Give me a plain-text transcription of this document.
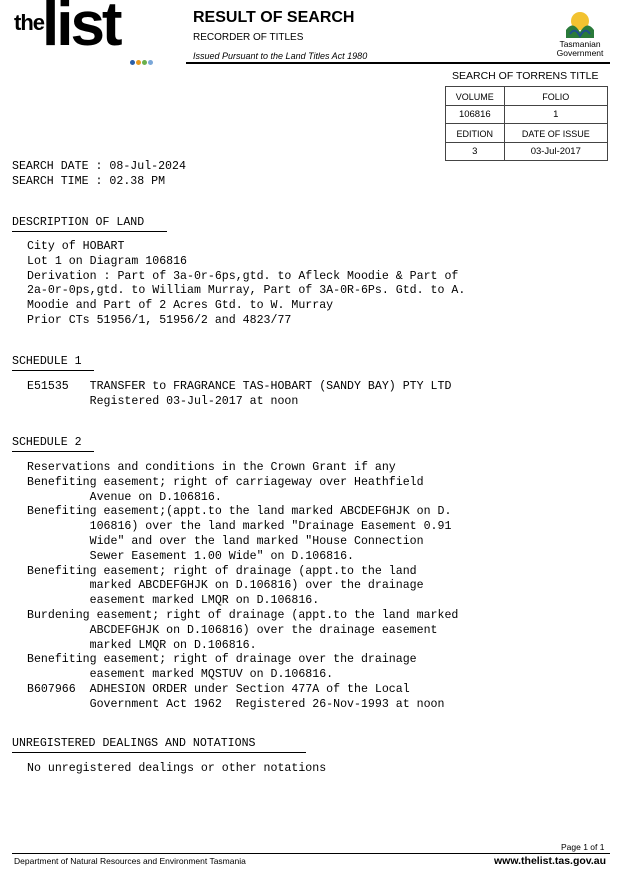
the
list	RESULT OF SEARCH
RECORDER OF TITLES
Issued Pursuant to the Land Titles Act 1980
Tasmanian
Government
SEARCH OF TORRENS TITLE
VOLUME	FOLIO
106816	1
EDITION	DATE OF ISSUE
3	03-Jul-2017
SEARCH DATE : 08-Jul-2024
SEARCH TIME : 02.38 PM
DESCRIPTION OF LAND
City of HOBART
Lot 1 on Diagram 106816
Derivation : Part of 3a-0r-6ps,gtd. to Afleck Moodie & Part of
2a-0r-0ps,gtd. to William Murray, Part of 3A-0R-6Ps. Gtd. to A.
Moodie and Part of 2 Acres Gtd. to W. Murray
Prior CTs 51956/1, 51956/2 and 4823/77
SCHEDULE 1
E51535   TRANSFER to FRAGRANCE TAS-HOBART (SANDY BAY) PTY LTD
Registered 03-Jul-2017 at noon
SCHEDULE 2
Reservations and conditions in the Crown Grant if any
Benefiting easement; right of carriageway over Heathfield
Avenue on D.106816.
Benefiting easement;(appt.to the land marked ABCDEFGHJK on D.
106816) over the land marked "Drainage Easement 0.91
Wide" and over the land marked "House Connection
Sewer Easement 1.00 Wide" on D.106816.
Benefiting easement; right of drainage (appt.to the land
marked ABCDEFGHJK on D.106816) over the drainage
easement marked LMQR on D.106816.
Burdening easement; right of drainage (appt.to the land marked
ABCDEFGHJK on D.106816) over the drainage easement
marked LMQR on D.106816.
Benefiting easement; right of drainage over the drainage
easement marked MQSTUV on D.106816.
B607966  ADHESION ORDER under Section 477A of the Local
Government Act 1962  Registered 26-Nov-1993 at noon
UNREGISTERED DEALINGS AND NOTATIONS
No unregistered dealings or other notations
Page 1 of 1
Department of Natural Resources and Environment Tasmania	www.thelist.tas.gov.au
